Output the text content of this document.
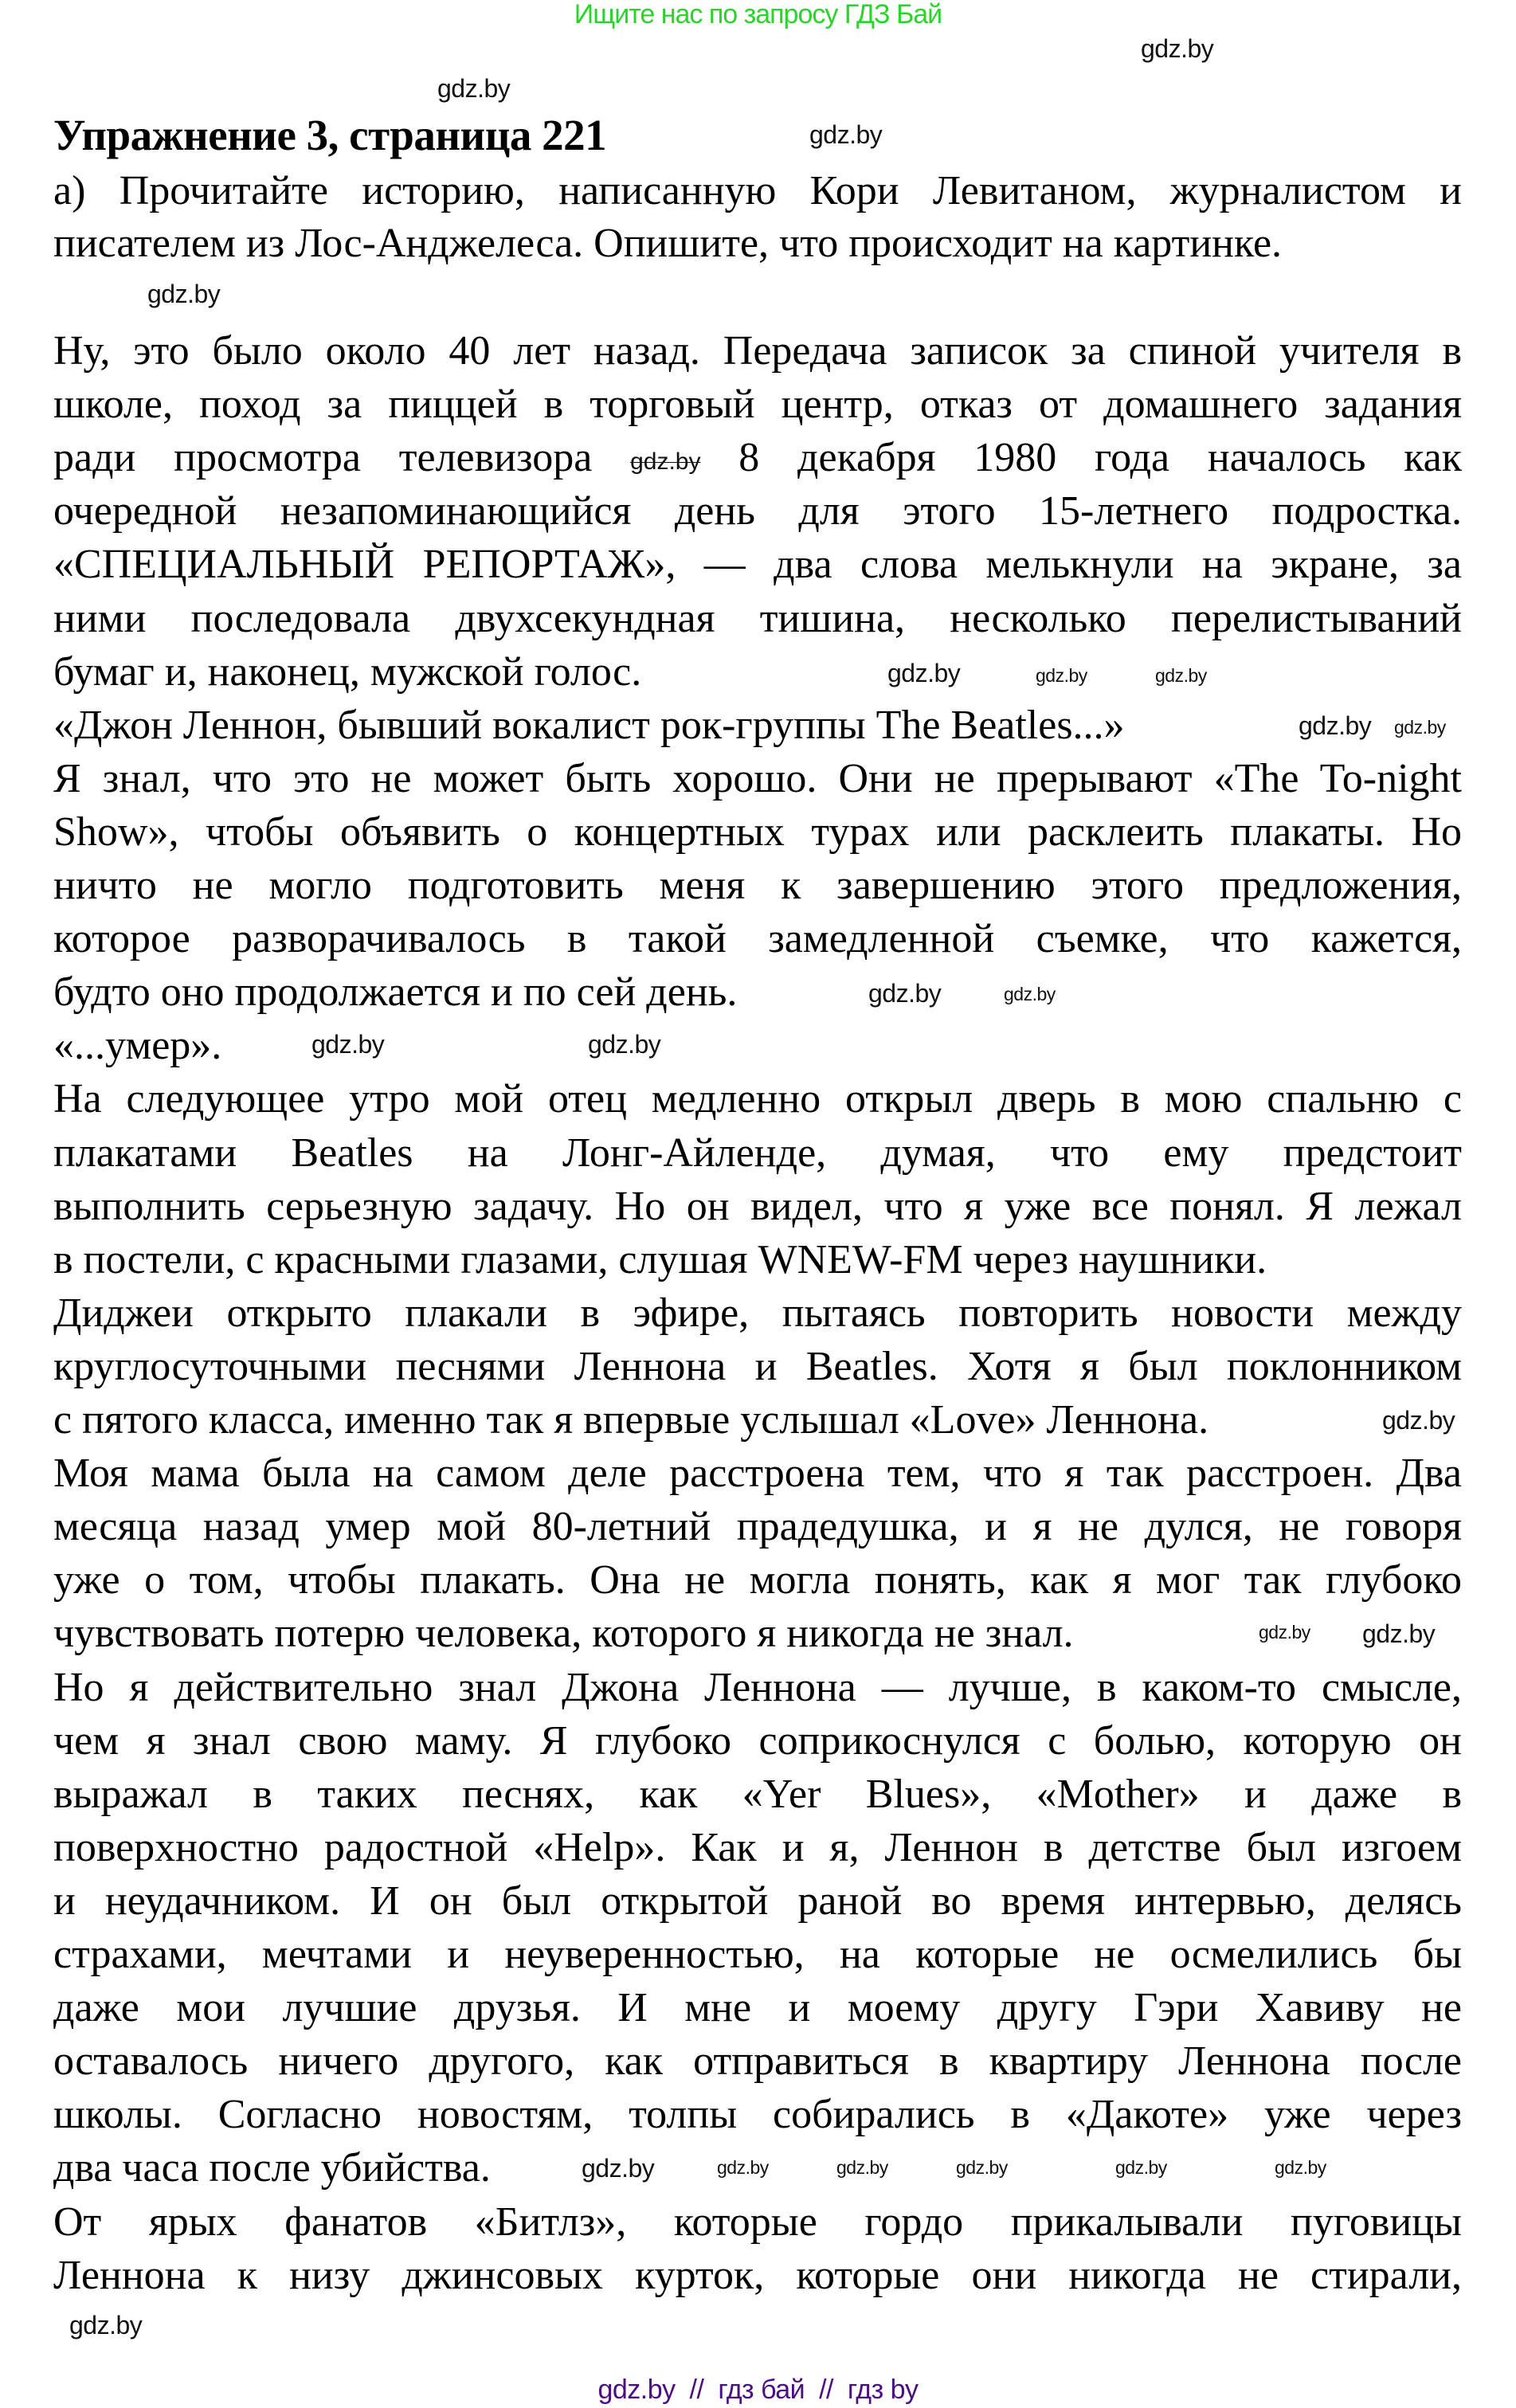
Ищите нас по запросу ГДЗ Бай
Упражнение 3, страница 221
а) Прочитайте историю, написанную Кори Левитаном, журналистом и
писателем из Лос-Анджелеса. Опишите, что происходит на картинке.
Ну, это было около 40 лет назад. Передача записок за спиной учителя в
школе, поход за пиццей в торговый центр, отказ от домашнего задания
ради просмотра телевизора gdz.by 8 декабря 1980 года началось как
очередной незапоминающийся день для этого 15-летнего подростка.
«СПЕЦИАЛЬНЫЙ РЕПОРТАЖ», — два слова мелькнули на экране, за
ними последовала двухсекундная тишина, несколько перелистываний
бумаг и, наконец, мужской голос.
«Джон Леннон, бывший вокалист рок-группы The Beatles...»
Я знал, что это не может быть хорошо. Они не прерывают «The To-night
Show», чтобы объявить о концертных турах или расклеить плакаты. Но
ничто не могло подготовить меня к завершению этого предложения,
которое разворачивалось в такой замедленной съемке, что кажется,
будто оно продолжается и по сей день.
«...умер».
На следующее утро мой отец медленно открыл дверь в мою спальню с
плакатами Beatles на Лонг-Айленде, думая, что ему предстоит
выполнить серьезную задачу. Но он видел, что я уже все понял. Я лежал
в постели, с красными глазами, слушая WNEW-FM через наушники.
Диджеи открыто плакали в эфире, пытаясь повторить новости между
круглосуточными песнями Леннона и Beatles. Хотя я был поклонником
с пятого класса, именно так я впервые услышал «Love» Леннона.
Моя мама была на самом деле расстроена тем, что я так расстроен. Два
месяца назад умер мой 80-летний прадедушка, и я не дулся, не говоря
уже о том, чтобы плакать. Она не могла понять, как я мог так глубоко
чувствовать потерю человека, которого я никогда не знал.
Но я действительно знал Джона Леннона — лучше, в каком-то смысле,
чем я знал свою маму. Я глубоко соприкоснулся с болью, которую он
выражал в таких песнях, как «Yer Blues», «Mother» и даже в
поверхностно радостной «Help». Как и я, Леннон в детстве был изгоем
и неудачником. И он был открытой раной во время интервью, делясь
страхами, мечтами и неуверенностью, на которые не осмелились бы
даже мои лучшие друзья. И мне и моему другу Гэри Хавиву не
оставалось ничего другого, как отправиться в квартиру Леннона после
школы. Согласно новостям, толпы собирались в «Дакоте» уже через
два часа после убийства.
От ярых фанатов «Битлз», которые гордо прикалывали пуговицы
Леннона к низу джинсовых курток, которые они никогда не стирали,
gdz.by
gdz.by
gdz.by
gdz.by
gdz.by
gdz.by gdz.by
gdz.by
gdz.by
gdz.by	gdz.by
gdz.by	gdz.by
gdz.by
gdz.by gdz.by
gdz.by	gdz.by	gdz.by	gdz.by	gdz.by
gdz.by
gdz.by
gdz.by  //  гдз бай  //  гдз by
